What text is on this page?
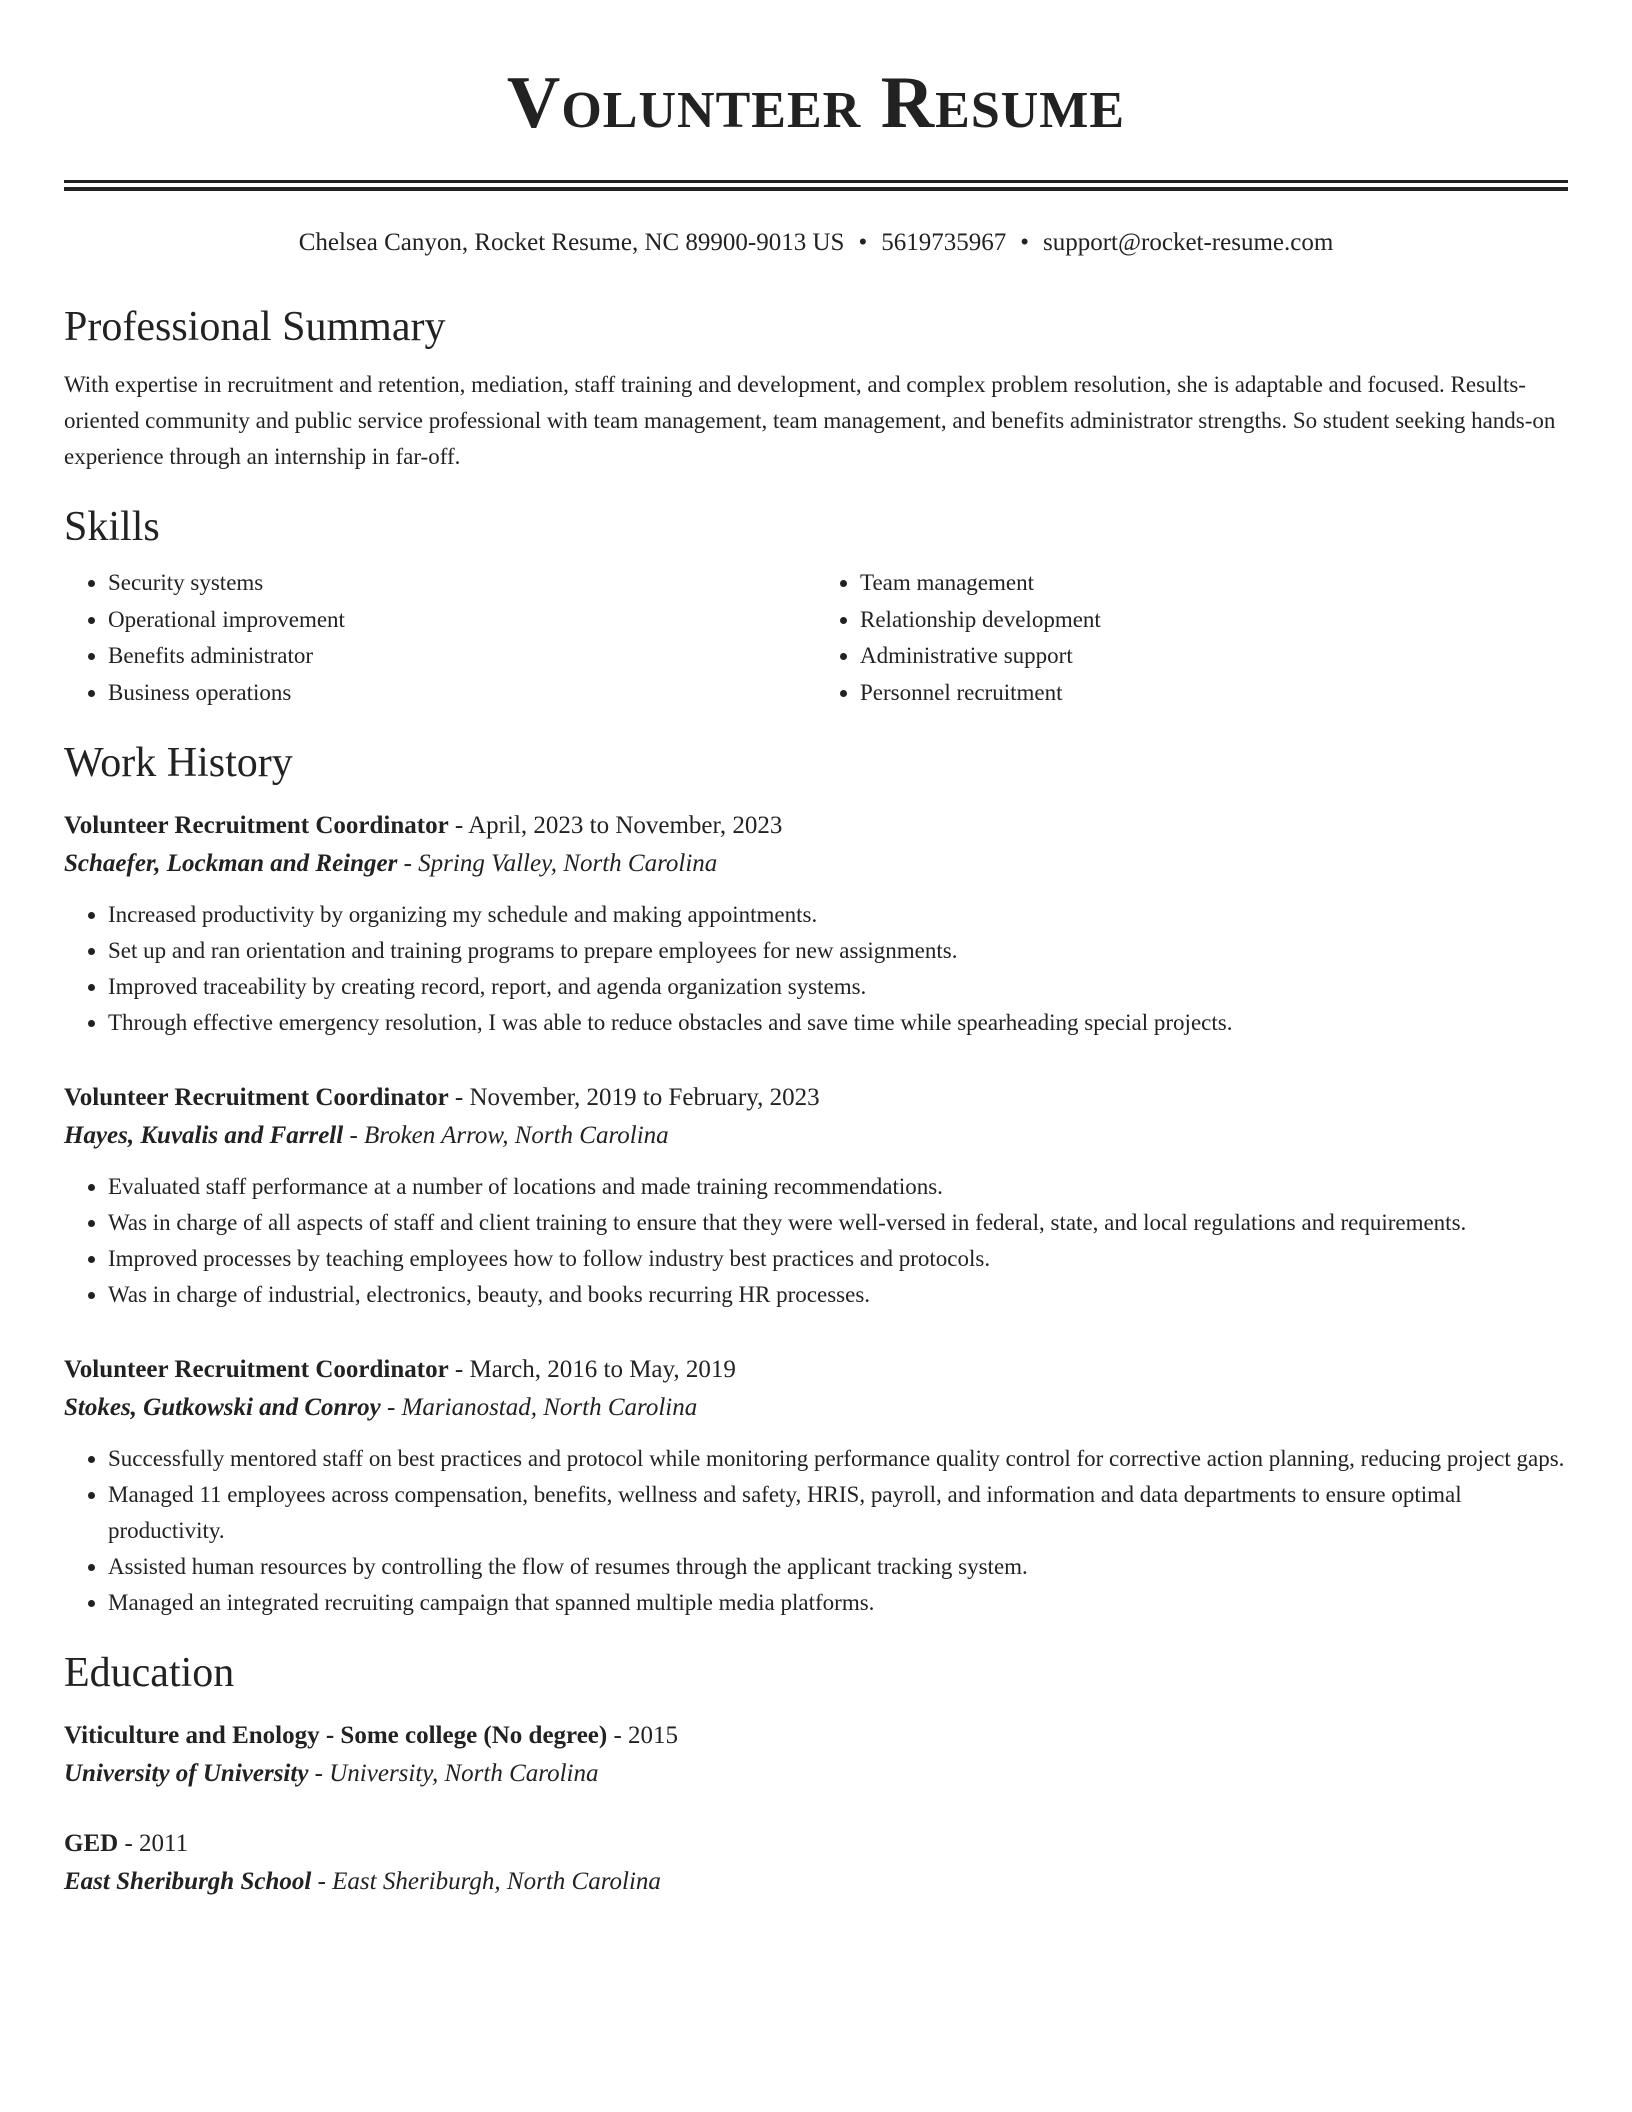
Volunteer Resume
Chelsea Canyon, Rocket Resume, NC 89900-9013 US • 5619735967 • support@rocket-resume.com
Professional Summary
With expertise in recruitment and retention, mediation, staff training and development, and complex problem resolution, she is adaptable and focused. Results-oriented community and public service professional with team management, team management, and benefits administrator strengths. So student seeking hands-on experience through an internship in far-off.
Skills
• Security systems
• Operational improvement
• Benefits administrator
• Business operations
• Team management
• Relationship development
• Administrative support
• Personnel recruitment
Work History
Volunteer Recruitment Coordinator - April, 2023 to November, 2023
Schaefer, Lockman and Reinger - Spring Valley, North Carolina
• Increased productivity by organizing my schedule and making appointments.
• Set up and ran orientation and training programs to prepare employees for new assignments.
• Improved traceability by creating record, report, and agenda organization systems.
• Through effective emergency resolution, I was able to reduce obstacles and save time while spearheading special projects.
Volunteer Recruitment Coordinator - November, 2019 to February, 2023
Hayes, Kuvalis and Farrell - Broken Arrow, North Carolina
• Evaluated staff performance at a number of locations and made training recommendations.
• Was in charge of all aspects of staff and client training to ensure that they were well-versed in federal, state, and local regulations and requirements.
• Improved processes by teaching employees how to follow industry best practices and protocols.
• Was in charge of industrial, electronics, beauty, and books recurring HR processes.
Volunteer Recruitment Coordinator - March, 2016 to May, 2019
Stokes, Gutkowski and Conroy - Marianostad, North Carolina
• Successfully mentored staff on best practices and protocol while monitoring performance quality control for corrective action planning, reducing project gaps.
• Managed 11 employees across compensation, benefits, wellness and safety, HRIS, payroll, and information and data departments to ensure optimal productivity.
• Assisted human resources by controlling the flow of resumes through the applicant tracking system.
• Managed an integrated recruiting campaign that spanned multiple media platforms.
Education
Viticulture and Enology - Some college (No degree) - 2015
University of University - University, North Carolina
GED - 2011
East Sheriburgh School - East Sheriburgh, North Carolina
